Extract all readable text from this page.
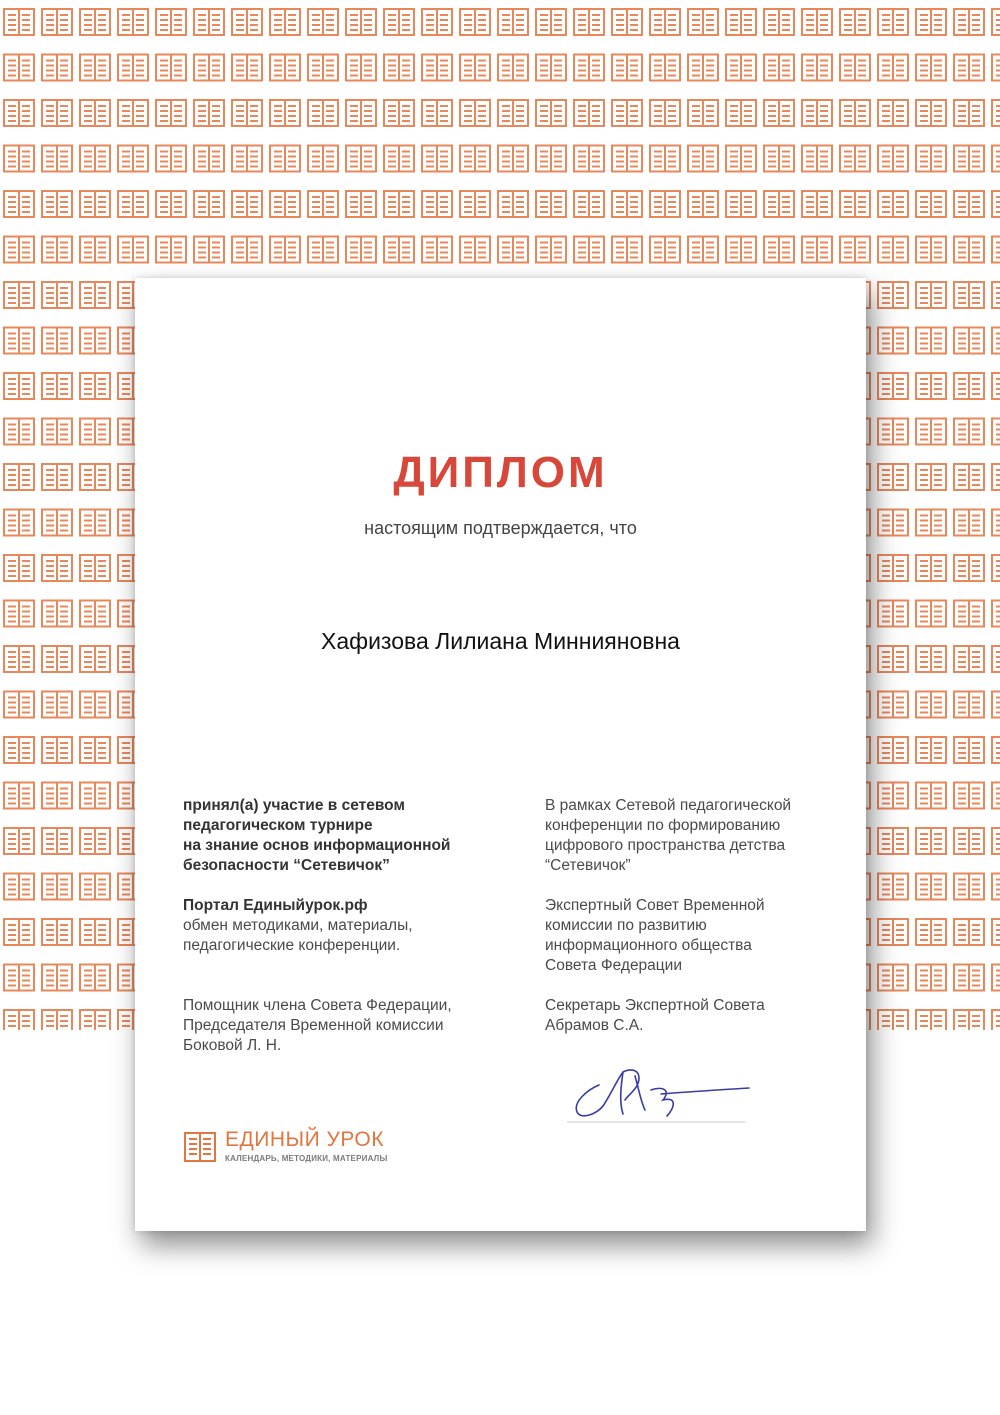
ДИПЛОМ
настоящим подтверждается, что
Хафизова Лилиана Миннияновна
принял(а) участие в сетевом
педагогическом турнире
на знание основ информационной
безопасности “Сетевичок”
Портал Единыйурок.рф
обмен методиками, материалы,
педагогические конференции.
Помощник члена Совета Федерации,
Председателя Временной комиссии
Боковой Л. Н.
В рамках Сетевой педагогической
конференции по формированию
цифрового пространства детства
“Сетевичок”
Экспертный Совет Временной
комиссии по развитию
информационного общества
Совета Федерации
Секретарь Экспертной Совета
Абрамов С.А.
ЕДИНЫЙ УРОК
КАЛЕНДАРЬ, МЕТОДИКИ, МАТЕРИАЛЫ
